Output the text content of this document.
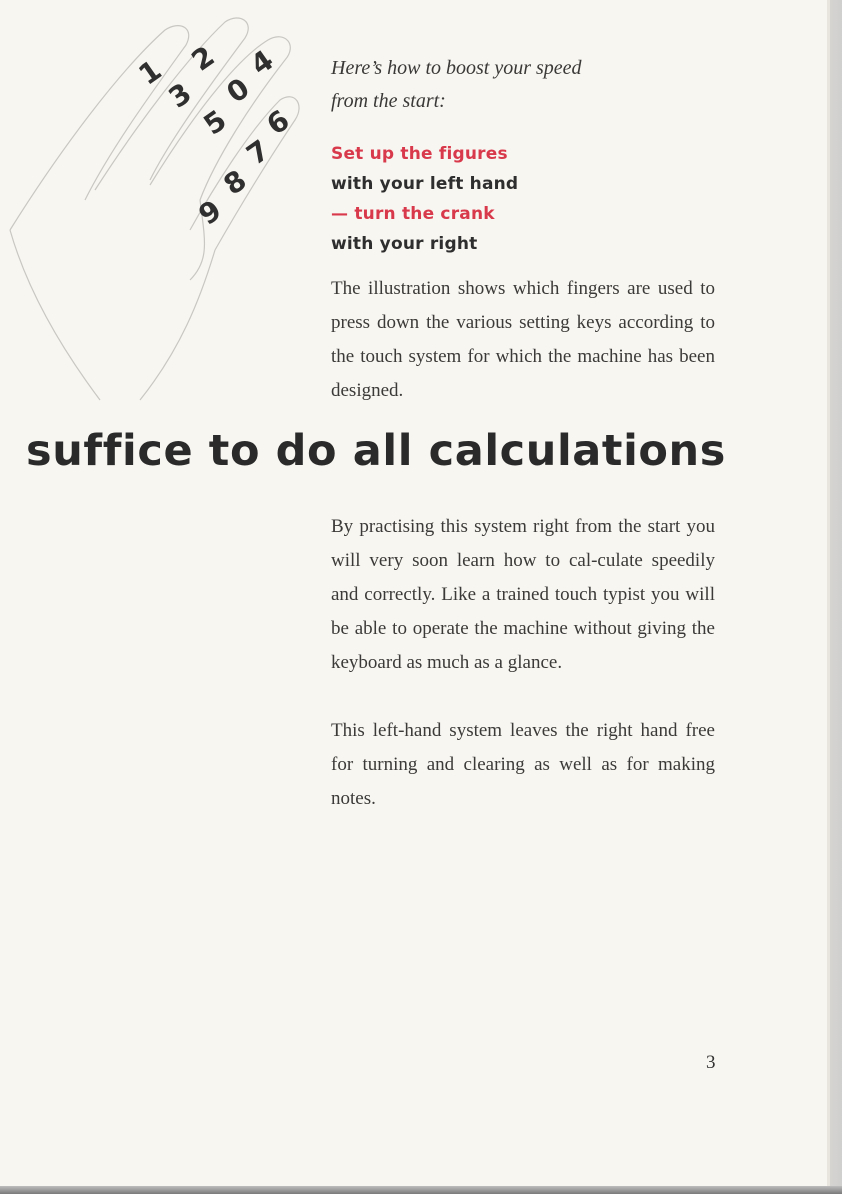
1 2 4
3 0
5 6
7
8
9
Here’s how to boost your speed
from the start:
Set up the figures
with your left hand
— turn the crank
with your right
The illustration shows which fingers are used to press down the various setting keys according to the touch system for which the machine has been designed.
suffice to do all calculations
By practising this system right from the start you will very soon learn how to cal-culate speedily and correctly. Like a trained touch typist you will be able to operate the machine without giving the keyboard as much as a glance.
This left-hand system leaves the right hand free for turning and clearing as well as for making notes.
3
